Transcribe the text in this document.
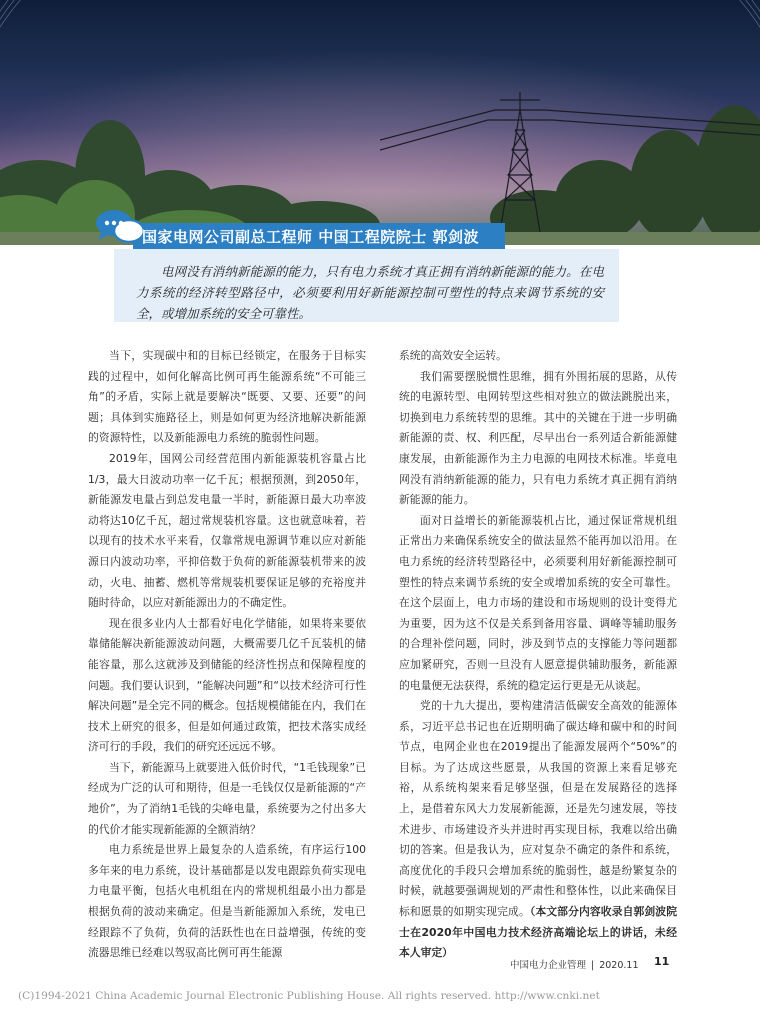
国家电网公司副总工程师 中国工程院院士 郭剑波

电网没有消纳新能源的能力，只有电力系统才真正拥有消纳新能源的能力。在电力系统的经济转型路径中，必须要利用好新能源控制可塑性的特点来调节系统的安全，或增加系统的安全可靠性。

当下，实现碳中和的目标已经锁定，在服务于目标实践的过程中，如何化解高比例可再生能源系统“不可能三角”的矛盾，实际上就是要解决“既要、又要、还要”的问题；具体到实施路径上，则是如何更为经济地解决新能源的资源特性，以及新能源电力系统的脆弱性问题。

2019年，国网公司经营范围内新能源装机容量占比1/3，最大日波动功率一亿千瓦；根据预测，到2050年，新能源发电量占到总发电量一半时，新能源日最大功率波动将达10亿千瓦，超过常规装机容量。这也就意味着，若以现有的技术水平来看，仅靠常规电源调节难以应对新能源日内波动功率，平抑倍数于负荷的新能源装机带来的波动，火电、抽蓄、燃机等常规装机要保证足够的充裕度并随时待命，以应对新能源出力的不确定性。

现在很多业内人士都看好电化学储能，如果将来要依靠储能解决新能源波动问题，大概需要几亿千瓦装机的储能容量，那么这就涉及到储能的经济性拐点和保障程度的问题。我们要认识到，“能解决问题”和“以技术经济可行性解决问题”是全完不同的概念。包括规模储能在内，我们在技术上研究的很多，但是如何通过政策，把技术落实成经济可行的手段，我们的研究还远远不够。

当下，新能源马上就要进入低价时代，“1毛钱现象”已经成为广泛的认可和期待，但是一毛钱仅仅是新能源的“产地价”，为了消纳1毛钱的尖峰电量，系统要为之付出多大的代价才能实现新能源的全额消纳？

电力系统是世界上最复杂的人造系统，有序运行100多年来的电力系统，设计基础都是以发电跟踪负荷实现电力电量平衡，包括火电机组在内的常规机组最小出力都是根据负荷的波动来确定。但是当新能源加入系统，发电已经跟踪不了负荷，负荷的活跃性也在日益增强，传统的变流器思维已经难以驾驭高比例可再生能源

系统的高效安全运转。

我们需要摆脱惯性思维，拥有外围拓展的思路，从传统的电源转型、电网转型这些相对独立的做法跳脱出来，切换到电力系统转型的思维。其中的关键在于进一步明确新能源的责、权、利匹配，尽早出台一系列适合新能源健康发展，由新能源作为主力电源的电网技术标准。毕竟电网没有消纳新能源的能力，只有电力系统才真正拥有消纳新能源的能力。

面对日益增长的新能源装机占比，通过保证常规机组正常出力来确保系统安全的做法显然不能再加以沿用。在电力系统的经济转型路径中，必须要利用好新能源控制可塑性的特点来调节系统的安全或增加系统的安全可靠性。在这个层面上，电力市场的建设和市场规则的设计变得尤为重要，因为这不仅是关系到备用容量、调峰等辅助服务的合理补偿问题，同时，涉及到节点的支撑能力等问题都应加紧研究，否则一旦没有人愿意提供辅助服务，新能源的电量便无法获得，系统的稳定运行更是无从谈起。

党的十九大提出，要构建清洁低碳安全高效的能源体系，习近平总书记也在近期明确了碳达峰和碳中和的时间节点，电网企业也在2019提出了能源发展两个“50%”的目标。为了达成这些愿景，从我国的资源上来看足够充裕，从系统构架来看足够坚强，但是在发展路径的选择上，是借着东风大力发展新能源，还是先匀速发展，等技术进步、市场建设齐头并进时再实现目标，我难以给出确切的答案。但是我认为，应对复杂不确定的条件和系统，高度优化的手段只会增加系统的脆弱性，越是纷繁复杂的时候，就越要强调规划的严肃性和整体性，以此来确保目标和愿景的如期实现完成。（本文部分内容收录自郭剑波院士在2020年中国电力技术经济高端论坛上的讲话，未经本人审定）

中国电力企业管理 | 2020.11 11
(C)1994-2021 China Academic Journal Electronic Publishing House. All rights reserved. http://www.cnki.net
